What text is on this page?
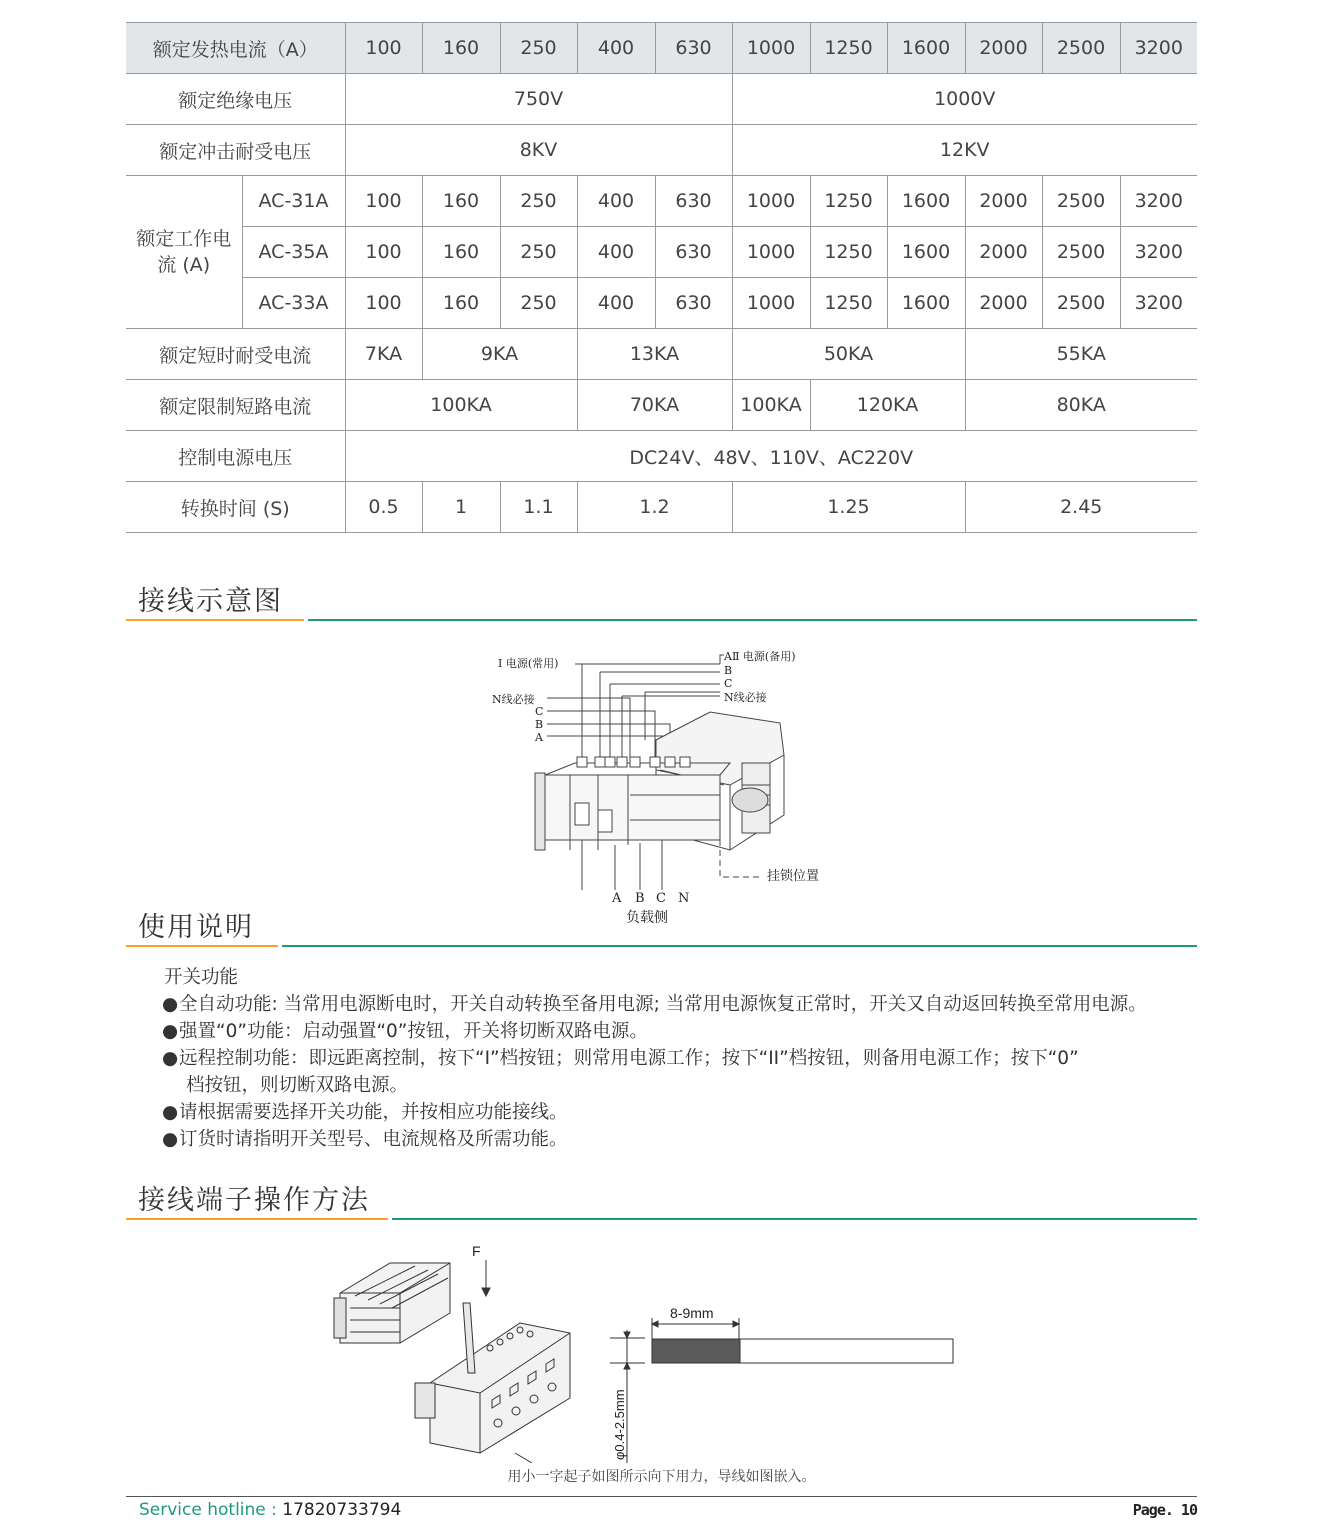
额定发热电流（A）		100	160	250	400	630	1000	1250	1600	2000	2500	3200
额定绝缘电压		750V					1000V					
额定冲击耐受电压		8KV					12KV					
额定工作电流 (A)	AC-31A	100	160	250	400	630	1000	1250	1600	2000	2500	3200
	AC-35A	100	160	250	400	630	1000	1250	1600	2000	2500	3200
	AC-33A	100	160	250	400	630	1000	1250	1600	2000	2500	3200
额定短时耐受电流		7KA	9KA		13KA		50KA			55KA		
额定限制短路电流		100KA			70KA		100KA	120KA		80KA		
控制电源电压		DC24V、48V、110V、AC220V										
转换时间 (S)		0.5	1	1.1	1.2		1.25			2.45		
接线示意图
Ⅰ 电源(常用)
AⅡ 电源(备用)
B
C
N线必接
N线必接
C
B
A
挂锁位置
A B C N
负载侧
使用说明
开关功能
● 全自动功能: 当常用电源断电时，开关自动转换至备用电源; 当常用电源恢复正常时，开关又自动返回转换至常用电源。
● 强置“0”功能：启动强置“0”按钮，开关将切断双路电源。
● 远程控制功能：即远距离控制，按下“I”档按钮；则常用电源工作；按下“II”档按钮，则备用电源工作；按下“0”
档按钮，则切断双路电源。
● 请根据需要选择开关功能，并按相应功能接线。
● 订货时请指明开关型号、电流规格及所需功能。
接线端子操作方法
F
8-9mm
φ0.4-2.5mm
用小一字起子如图所示向下用力，导线如图嵌入。
Service hotline : 17820733794	Page. 10
